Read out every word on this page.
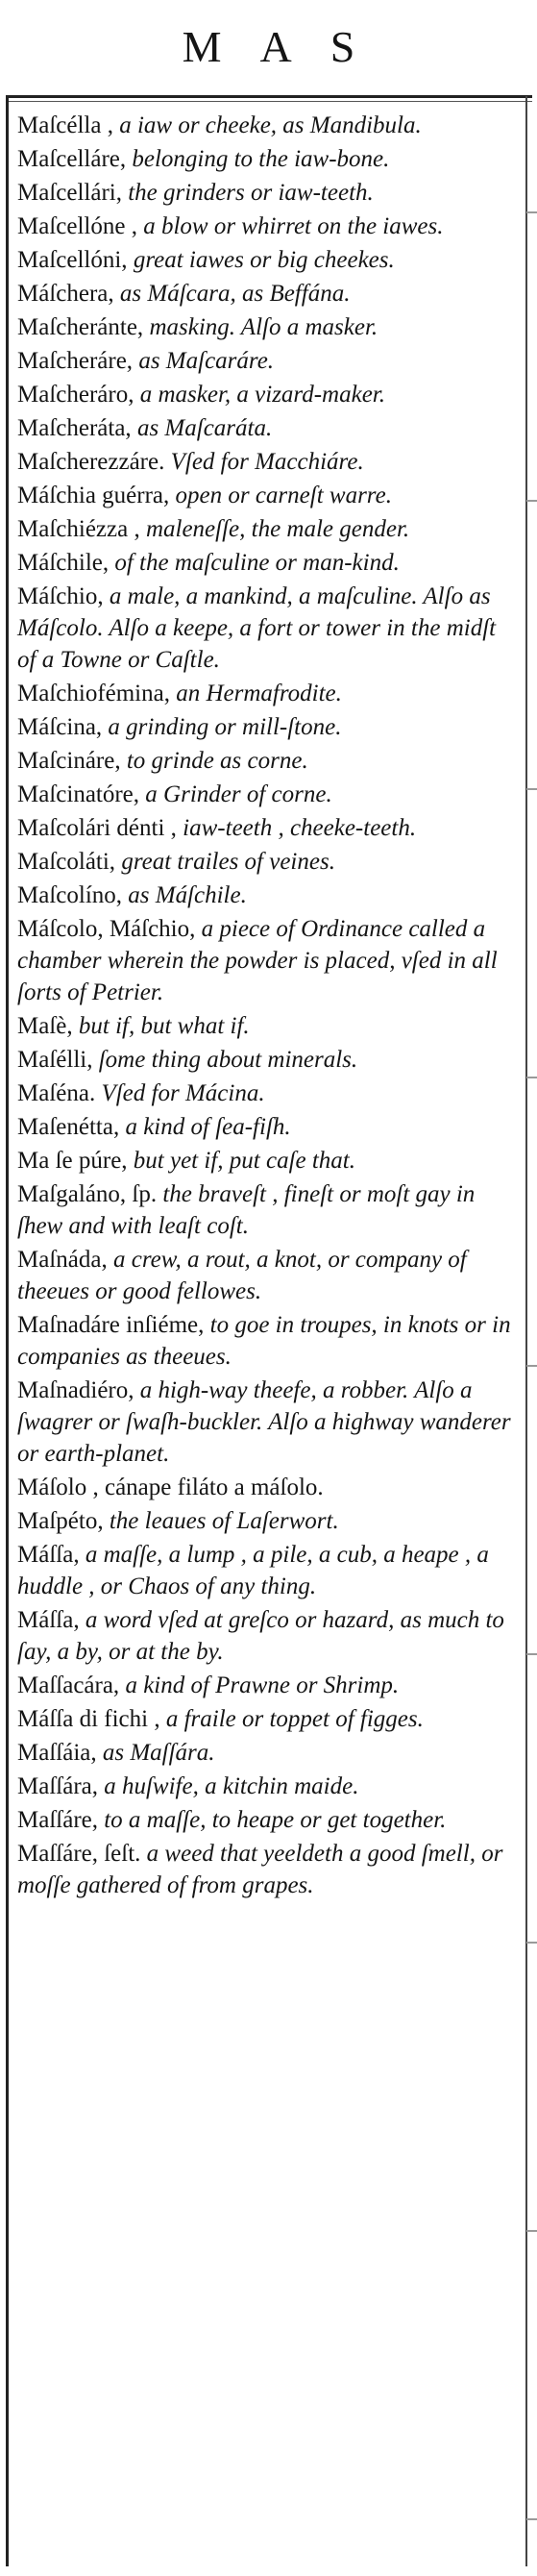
MAS
Maſcélla , a iaw or cheeke, as Mandibula.
Maſcelláre, belonging to the iaw-bone.
Maſcellári, the grinders or iaw-teeth.
Maſcellóne , a blow or whirret on the iawes.
Maſcellóni, great iawes or big cheekes.
Máſchera, as Máſcara, as Beffána.
Maſcheránte, masking. Alſo a masker.
Maſcheráre, as Maſcaráre.
Maſcheráro, a masker, a vizard-maker.
Maſcheráta, as Maſcaráta.
Maſcherezzáre. Vſed for Macchiáre.
Máſchia guérra, open or carneſt warre.
Maſchiézza , maleneſſe, the male gender.
Máſchile, of the maſculine or man-kind.
Máſchio, a male, a mankind, a maſculine. Alſo as Máſcolo. Alſo a keepe, a fort or tower in the midſt of a Towne or Caſtle.
Maſchiofémina, an Hermafrodite.
Máſcina, a grinding or mill-ſtone.
Maſcináre, to grinde as corne.
Maſcinatóre, a Grinder of corne.
Maſcolári dénti , iaw-teeth , cheeke-teeth.
Maſcoláti, great trailes of veines.
Maſcolíno, as Máſchile.
Máſcolo, Máſchio, a piece of Ordinance called a chamber wherein the powder is placed, vſed in all ſorts of Petrier.
Maſè, but if, but what if.
Maſélli, ſome thing about minerals.
Maſéna. Vſed for Mácina.
Maſenétta, a kind of ſea-fiſh.
Ma ſe púre, but yet if, put caſe that.
Maſgaláno, ſp. the braveſt , fineſt or moſt gay in ſhew and with leaſt coſt.
Maſnáda, a crew, a rout, a knot, or company of theeues or good fellowes.
Maſnadáre inſiéme, to goe in troupes, in knots or in companies as theeues.
Maſnadiéro, a high-way theefe, a robber. Alſo a ſwagrer or ſwaſh-buckler. Alſo a highway wanderer or earth-planet.
Máſolo , cánape filáto a máſolo.
Maſpéto, the leaues of Laſerwort.
Máſſa, a maſſe, a lump , a pile, a cub, a heape , a huddle , or Chaos of any thing.
Máſſa, a word vſed at greſco or hazard, as much to ſay, a by, or at the by.
Maſſacára, a kind of Prawne or Shrimp.
Máſſa di fichi , a fraile or toppet of figges.
Maſſáia, as Maſſára.
Maſſára, a huſwife, a kitchin maide.
Maſſáre, to a maſſe, to heape or get together.
Maſſáre, ſeſt. a weed that yeeldeth a good ſmell, or moſſe gathered of from grapes.
